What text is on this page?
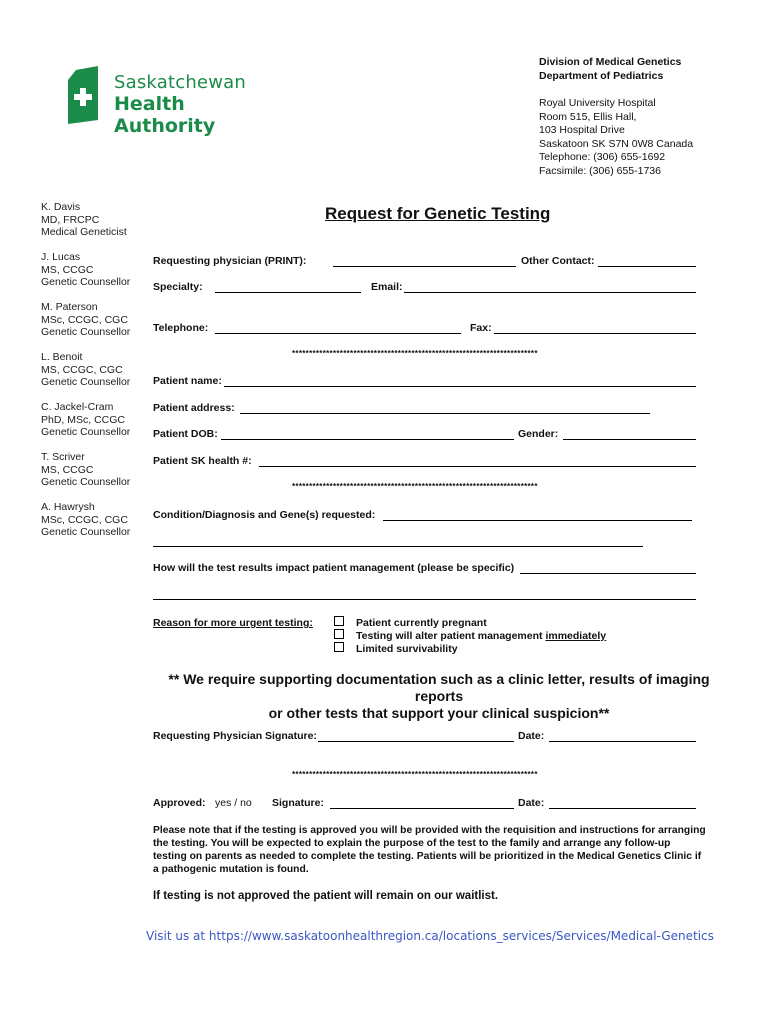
Saskatchewan
Health Authority
Division of Medical Genetics
Department of Pediatrics
Royal University Hospital
Room 515, Ellis Hall,
103 Hospital Drive
Saskatoon SK S7N 0W8 Canada
Telephone: (306) 655-1692
Facsimile: (306) 655-1736
K. Davis
MD, FRCPC
Medical Geneticist
J. Lucas
MS, CCGC
Genetic Counsellor
M. Paterson
MSc, CCGC, CGC
Genetic Counsellor
L. Benoit
MS, CCGC, CGC
Genetic Counsellor
C. Jackel-Cram
PhD, MSc, CCGC
Genetic Counsellor
T. Scriver
MS, CCGC
Genetic Counsellor
A. Hawrysh
MSc, CCGC, CGC
Genetic Counsellor
Request for Genetic Testing
Requesting physician (PRINT):	Other Contact:
Specialty:	Email:
Telephone:	Fax:
************************************************************************
Patient name:
Patient address:
Patient DOB:	Gender:
Patient SK health #:
************************************************************************
Condition/Diagnosis and Gene(s) requested:
How will the test results impact patient management (please be specific)
Reason for more urgent testing:	Patient currently pregnant
Testing will alter patient management immediately
Limited survivability
** We require supporting documentation such as a clinic letter, results of imaging reports
or other tests that support your clinical suspicion**
Requesting Physician Signature:	Date:
************************************************************************
Approved: yes / no Signature:	Date:
Please note that if the testing is approved you will be provided with the requisition and instructions for arranging
the testing. You will be expected to explain the purpose of the test to the family and arrange any follow-up
testing on parents as needed to complete the testing. Patients will be prioritized in the Medical Genetics Clinic if
a pathogenic mutation is found.
If testing is not approved the patient will remain on our waitlist.
Visit us at https://www.saskatoonhealthregion.ca/locations_services/Services/Medical-Genetics
